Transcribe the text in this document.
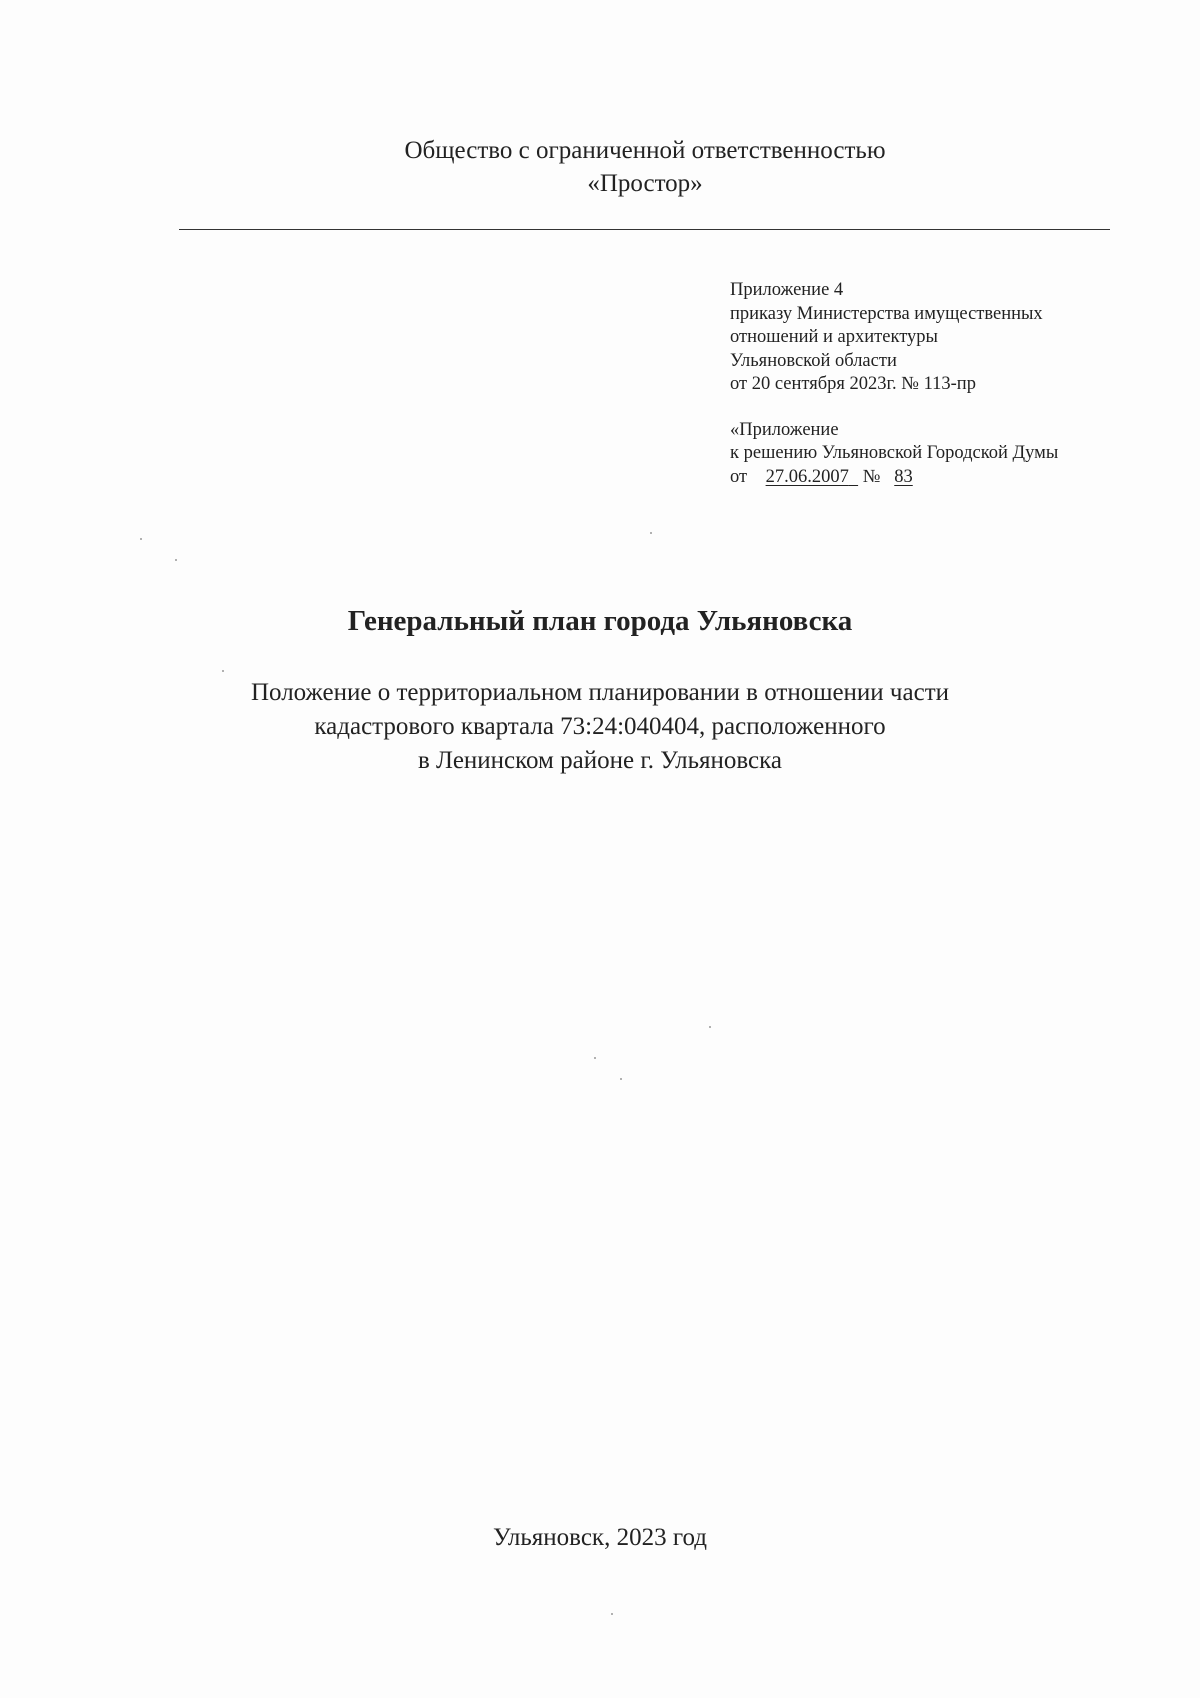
Общество с ограниченной ответственностью
«Простор»
Приложение 4
приказу Министерства имущественных
отношений и архитектуры
Ульяновской области
от 20 сентября 2023г. № 113-пр
«Приложение
к решению Ульяновской Городской Думы
от 27.06.2007 № 83
Генеральный план города Ульяновска
Положение о территориальном планировании в отношении части
кадастрового квартала 73:24:040404, расположенного
в Ленинском районе г. Ульяновска
Ульяновск, 2023 год
